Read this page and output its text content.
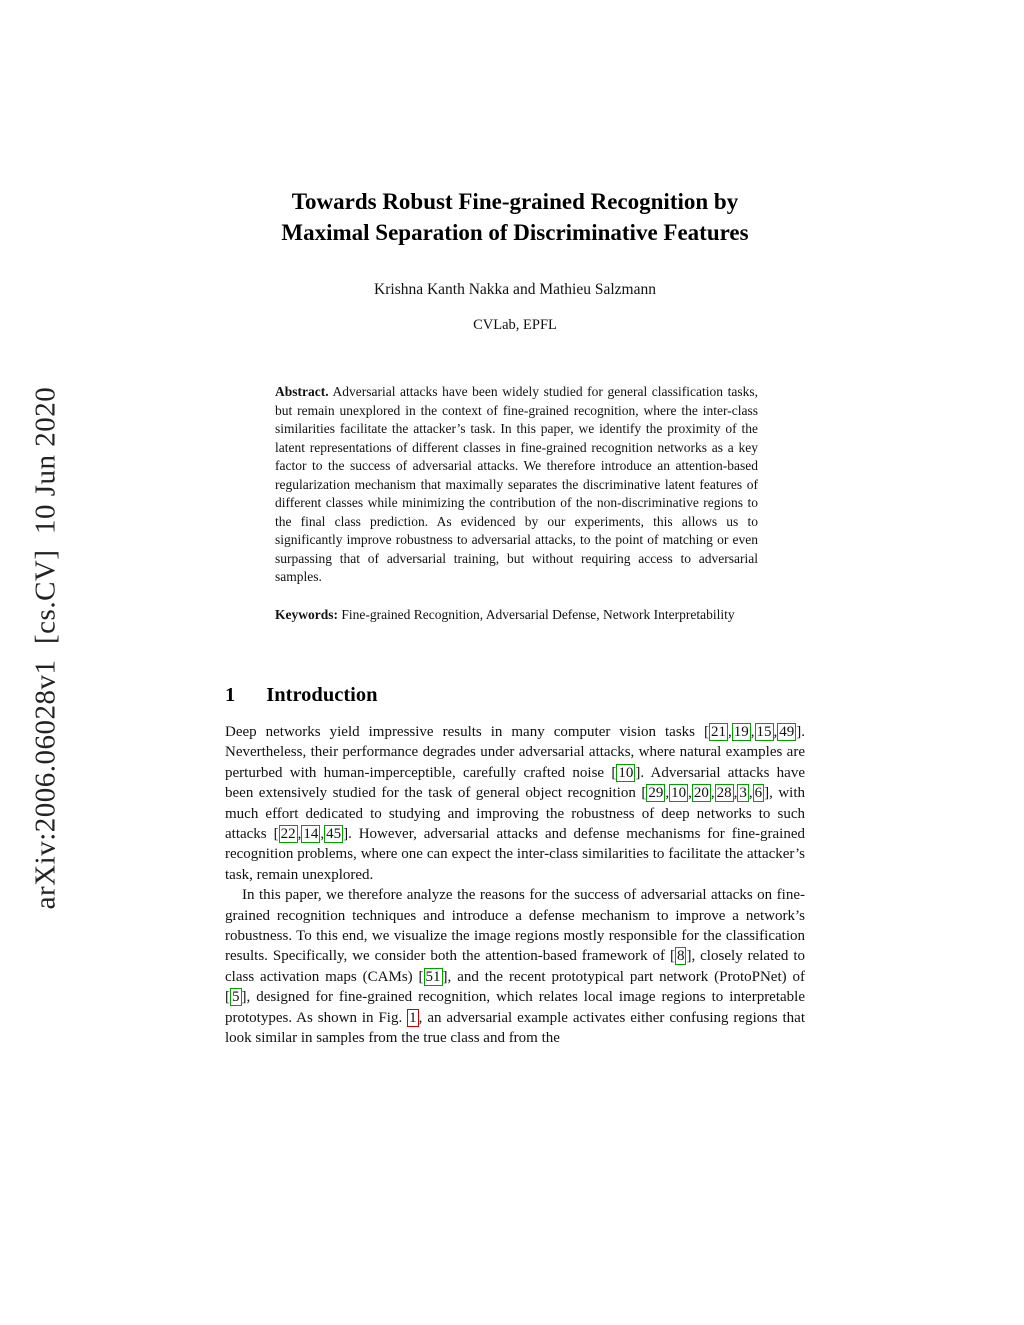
arXiv:2006.06028v1  [cs.CV]  10 Jun 2020
Towards Robust Fine-grained Recognition by
Maximal Separation of Discriminative Features
Krishna Kanth Nakka and Mathieu Salzmann
CVLab, EPFL

Abstract. Adversarial attacks have been widely studied for general classification tasks, but remain unexplored in the context of fine-grained recognition, where the inter-class similarities facilitate the attacker’s task. In this paper, we identify the proximity of the latent representations of different classes in fine-grained recognition networks as a key factor to the success of adversarial attacks. We therefore introduce an attention-based regularization mechanism that maximally separates the discriminative latent features of different classes while minimizing the contribution of the non-discriminative regions to the final class prediction. As evidenced by our experiments, this allows us to significantly improve robustness to adversarial attacks, to the point of matching or even surpassing that of adversarial training, but without requiring access to adversarial samples.

Keywords: Fine-grained Recognition, Adversarial Defense, Network Interpretability

1 Introduction

Deep networks yield impressive results in many computer vision tasks [ 21 , 19 , 15 , 49 ]. Nevertheless, their performance degrades under adversarial attacks, where natural examples are perturbed with human-imperceptible, carefully crafted noise [ 10 ]. Adversarial attacks have been extensively studied for the task of general object recognition [ 29 , 10 , 20 , 28 , 3 , 6 ], with much effort dedicated to studying and improving the robustness of deep networks to such attacks [ 22 , 14 , 45 ]. However, adversarial attacks and defense mechanisms for fine-grained recognition problems, where one can expect the inter-class similarities to facilitate the attacker’s task, remain unexplored.

In this paper, we therefore analyze the reasons for the success of adversarial attacks on fine-grained recognition techniques and introduce a defense mechanism to improve a network’s robustness. To this end, we visualize the image regions mostly responsible for the classification results. Specifically, we consider both the attention-based framework of [ 8 ], closely related to class activation maps (CAMs) [ 51 ], and the recent prototypical part network (ProtoPNet) of [ 5 ], designed for fine-grained recognition, which relates local image regions to interpretable prototypes. As shown in Fig. 1 , an adversarial example activates either confusing regions that look similar in samples from the true class and from the
